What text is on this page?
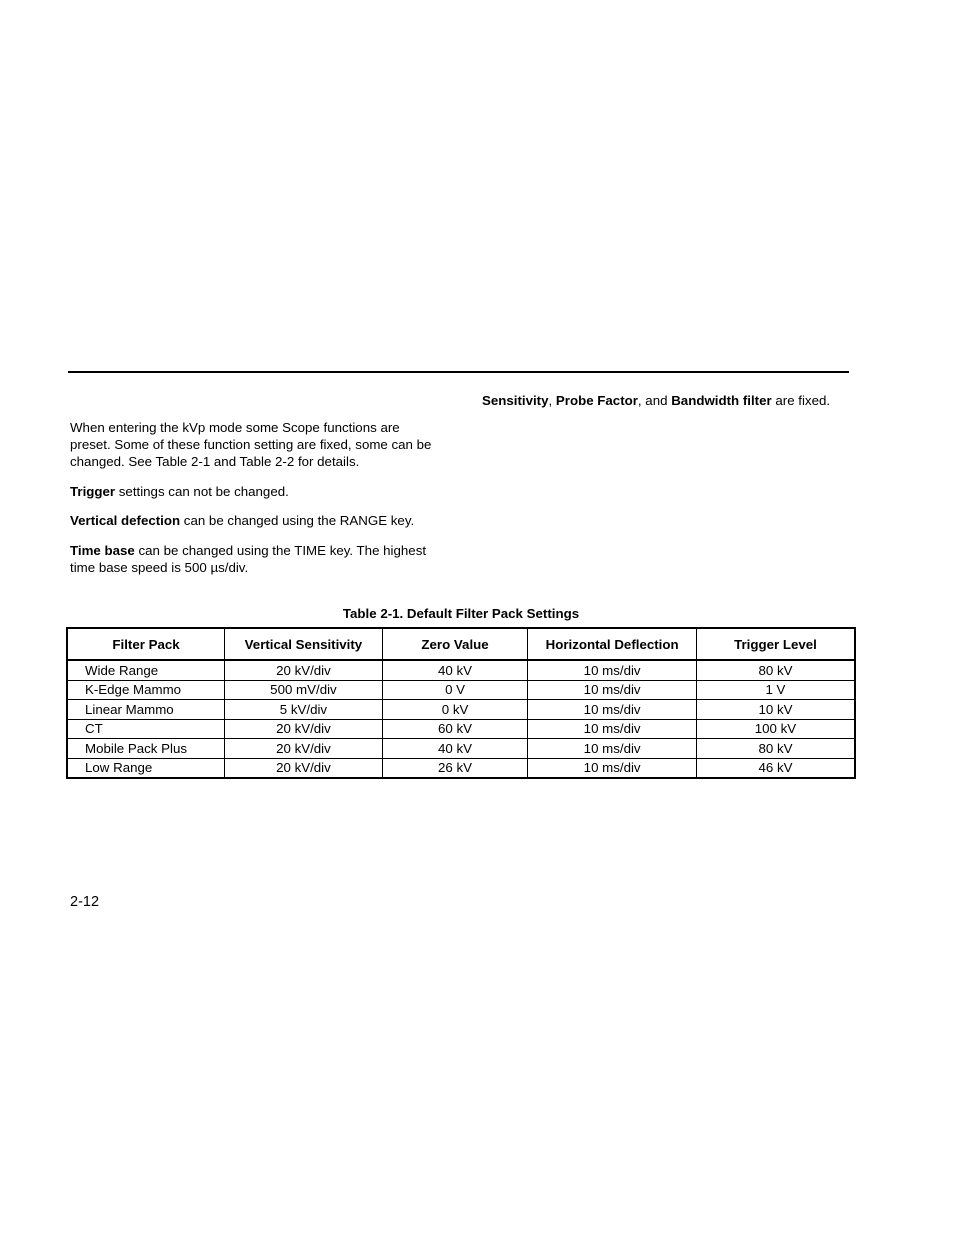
When entering the kVp mode some Scope functions are preset. Some of these function setting are fixed, some can be changed. See Table 2-1 and Table 2-2 for details.

Trigger settings can not be changed.

Vertical defection can be changed using the RANGE key.

Time base can be changed using the TIME key. The highest time base speed is 500 µs/div.

Sensitivity, Probe Factor, and Bandwidth filter are fixed.

Table 2-1. Default Filter Pack Settings
Filter Pack	Vertical Sensitivity	Zero Value	Horizontal Deflection	Trigger Level
Wide Range	20 kV/div	40 kV	10 ms/div	80 kV
K-Edge Mammo	500 mV/div	0 V	10 ms/div	1 V
Linear Mammo	5 kV/div	0 kV	10 ms/div	10 kV
CT	20 kV/div	60 kV	10 ms/div	100 kV
Mobile Pack Plus	20 kV/div	40 kV	10 ms/div	80 kV
Low Range	20 kV/div	26 kV	10 ms/div	46 kV
2-12
